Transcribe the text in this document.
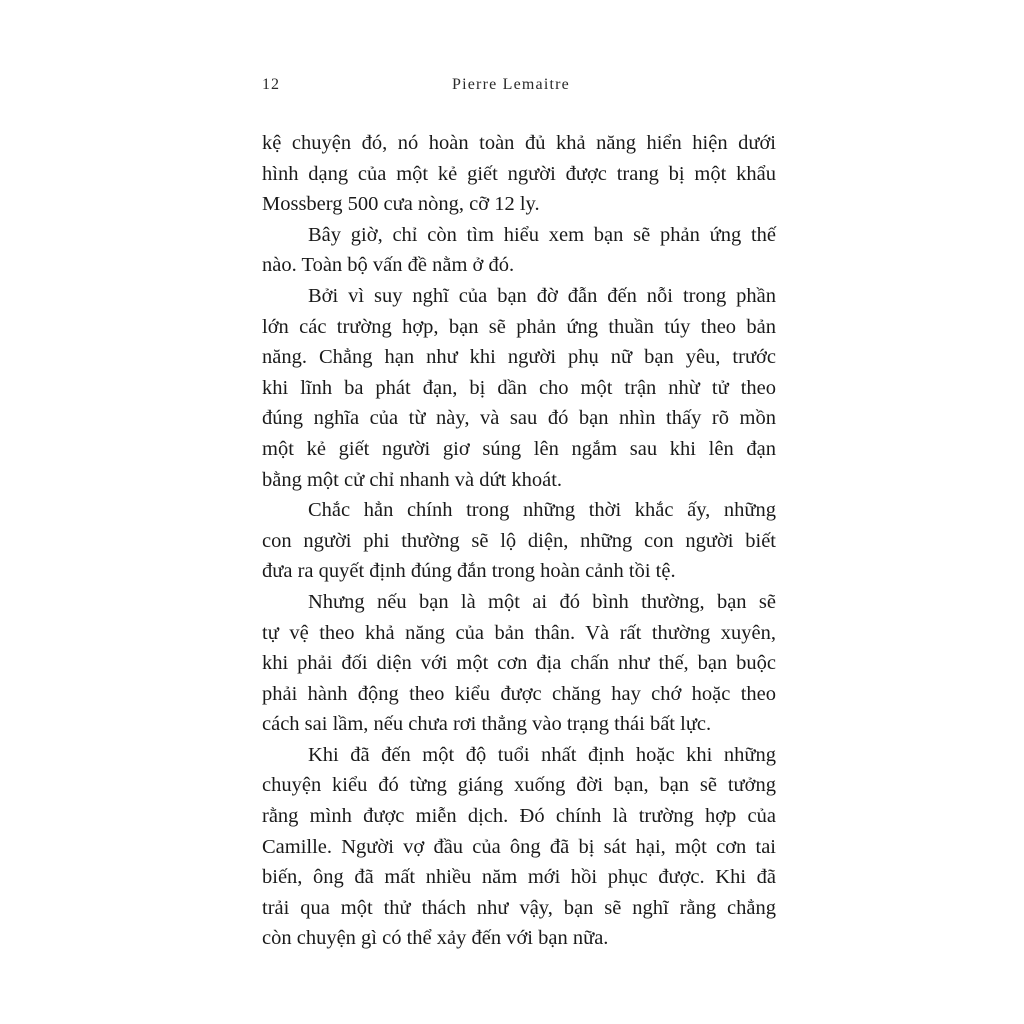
12	Pierre Lemaitre
kệ chuyện đó, nó hoàn toàn đủ khả năng hiển hiện dưới
hình dạng của một kẻ giết người được trang bị một khẩu
Mossberg 500 cưa nòng, cỡ 12 ly.
Bây giờ, chỉ còn tìm hiểu xem bạn sẽ phản ứng thế
nào. Toàn bộ vấn đề nằm ở đó.
Bởi vì suy nghĩ của bạn đờ đẫn đến nỗi trong phần
lớn các trường hợp, bạn sẽ phản ứng thuần túy theo bản
năng. Chẳng hạn như khi người phụ nữ bạn yêu, trước
khi lĩnh ba phát đạn, bị dần cho một trận nhừ tử theo
đúng nghĩa của từ này, và sau đó bạn nhìn thấy rõ mồn
một kẻ giết người giơ súng lên ngắm sau khi lên đạn
bằng một cử chỉ nhanh và dứt khoát.
Chắc hẳn chính trong những thời khắc ấy, những
con người phi thường sẽ lộ diện, những con người biết
đưa ra quyết định đúng đắn trong hoàn cảnh tồi tệ.
Nhưng nếu bạn là một ai đó bình thường, bạn sẽ
tự vệ theo khả năng của bản thân. Và rất thường xuyên,
khi phải đối diện với một cơn địa chấn như thế, bạn buộc
phải hành động theo kiểu được chăng hay chớ hoặc theo
cách sai lầm, nếu chưa rơi thẳng vào trạng thái bất lực.
Khi đã đến một độ tuổi nhất định hoặc khi những
chuyện kiểu đó từng giáng xuống đời bạn, bạn sẽ tưởng
rằng mình được miễn dịch. Đó chính là trường hợp của
Camille. Người vợ đầu của ông đã bị sát hại, một cơn tai
biến, ông đã mất nhiều năm mới hồi phục được. Khi đã
trải qua một thử thách như vậy, bạn sẽ nghĩ rằng chẳng
còn chuyện gì có thể xảy đến với bạn nữa.
